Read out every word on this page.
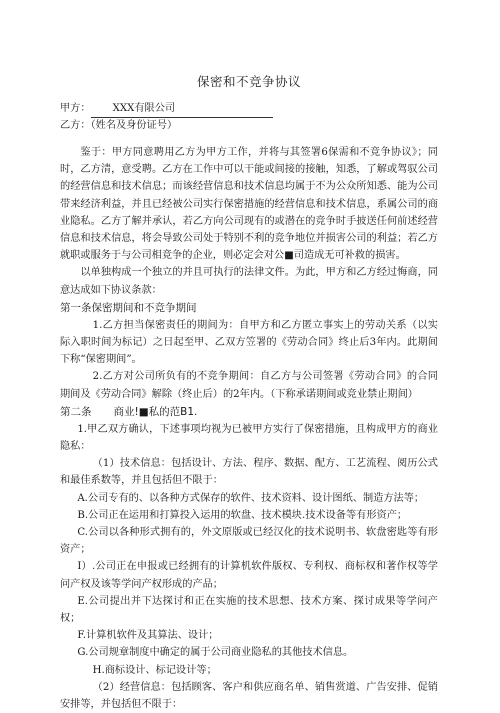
保密和不竞争协议
甲方： XXX有限公司
乙方：（姓名及身份证号）

鉴于：甲方同意聘用乙方为甲方工作，并将与其签署6保需和不竞争协议》；同时，乙方清，意受聘。乙方在工作中可以干能或间接的接触，知悉，了解或驾驭公司的经营信息和技术信息；而该经营信息和技术信息均属于不为公众所知悉、能为公司带来经济利益，并且已经被公司实行保密措施的经营信息和技术信息，系属公司的商业隐私。乙方了解并承认，若乙方向公司现有的或潜在的竞争时手披送任何前述经营信息和技术信息，将会导致公司处于特别不利的竞争地位并损害公司的利益；若乙方就职或服务于与公司相竞争的企业，则必定会对公■司造成无可补救的损害。

以单独构成一个独立的并且可执行的法律文件。为此，甲方和乙方经过悔商，同意达成如下协议条款：

第一条保密期间和不竞争期间

1.乙方担当保密责任的期间为：自甲方和乙方匿立事实上的劳动关系（以实际入职时间为标记）之日起至甲、乙双方笠署的《劳动合同》终止后3年内。此期间下称“保密期间”。

2.乙方对公司所负有的不竞争期间：自乙方与公司签署《劳动合同》的合同期间及《劳动合同》解除（终止后）的2年内。（下称承诺期间或竞业禁止期间）

第二条 商业!■私的范B1.

1.甲乙双方确认，下述事项均视为已被甲方实行了保密措施，且构成甲方的商业隐私：

（1）技术信息：包括设计、方法、程序、数据、配方、工艺流程、阅历公式和最佳系数等，并且包括但不限于：

A.公司专有的、以各种方式保存的软件、技术资料、设计图纸、制造方法等；

B.公司正在运用和打算投入运用的软盘、技术模块.技术设备等有形资产；

C.公司以各种形式拥有的，外文原版或已经汉化的技术说明书、软盘密匙等有形资产；

I）.公司正在申报或已经拥有的计算机软件版权、专利权、商标权和著作权等学问产权及该等学问产权形成的产品；

E.公司提出并下达探讨和正在实施的技术思想、技术方案、探讨成果等学问产权；

F.计算机软件及其算法、设计；

G.公司规章制度中确定的属于公司商业隐私的其他技术信息。

H.商标设计、标记设计等；

（2）经营信息：包括顾客、客户和供应商名单、销售赏道、广告安排、促销安排等，并包括但不限于：
